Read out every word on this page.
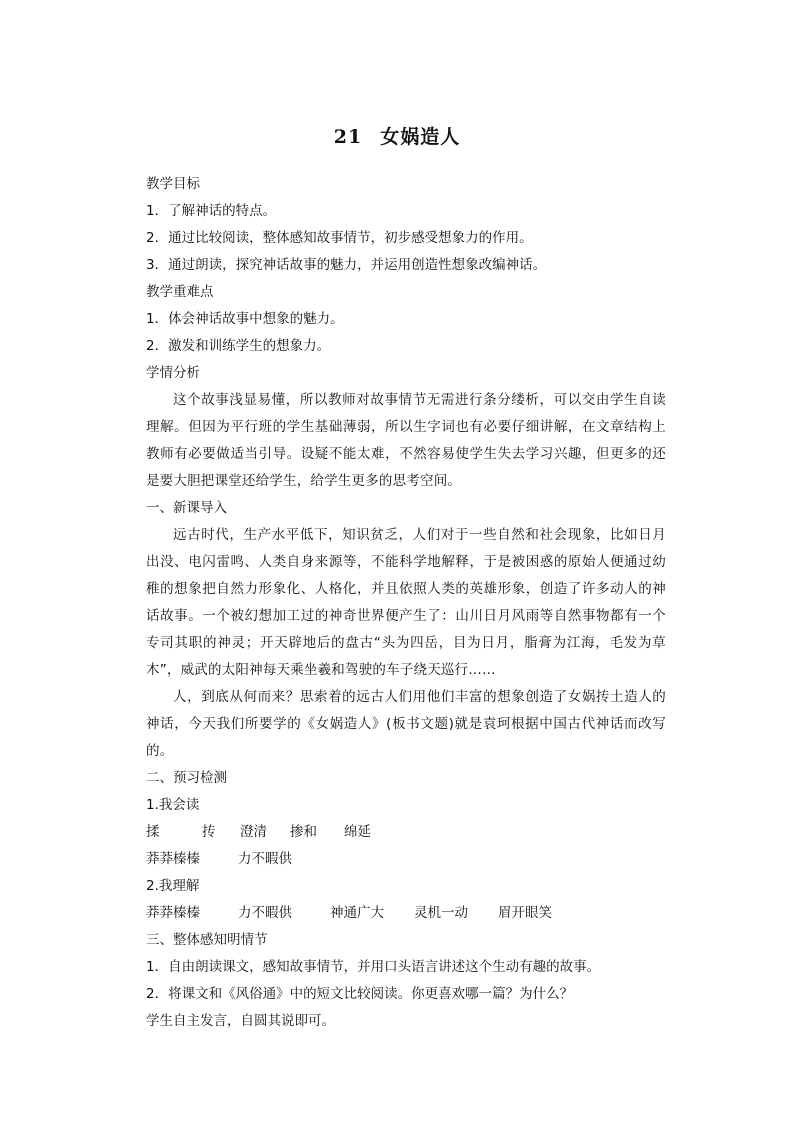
21 女娲造人
教学目标
1．了解神话的特点。
2．通过比较阅读，整体感知故事情节，初步感受想象力的作用。
3．通过朗读，探究神话故事的魅力，并运用创造性想象改编神话。
教学重难点
1．体会神话故事中想象的魅力。
2．激发和训练学生的想象力。
学情分析
这个故事浅显易懂，所以教师对故事情节无需进行条分缕析，可以交由学生自读理解。但因为平行班的学生基础薄弱，所以生字词也有必要仔细讲解，在文章结构上教师有必要做适当引导。设疑不能太难，不然容易使学生失去学习兴趣，但更多的还是要大胆把课堂还给学生，给学生更多的思考空间。
一、新课导入
远古时代，生产水平低下，知识贫乏，人们对于一些自然和社会现象，比如日月出没、电闪雷鸣、人类自身来源等，不能科学地解释，于是被困惑的原始人便通过幼稚的想象把自然力形象化、人格化，并且依照人类的英雄形象，创造了许多动人的神话故事。一个被幻想加工过的神奇世界便产生了：山川日月风雨等自然事物都有一个专司其职的神灵；开天辟地后的盘古“头为四岳，目为日月，脂膏为江海，毛发为草木”，威武的太阳神每天乘坐羲和驾驶的车子绕天巡行……
人，到底从何而来？思索着的远古人们用他们丰富的想象创造了女娲抟土造人的神话，今天我们所要学的《女娲造人》(板书文题)就是袁珂根据中国古代神话而改写的。
二、预习检测
1.我会读
揉	抟	澄清	掺和	绵延
莽莽榛榛	力不暇供
2.我理解
莽莽榛榛	力不暇供	神通广大	灵机一动	眉开眼笑
三、整体感知明情节
1．自由朗读课文，感知故事情节，并用口头语言讲述这个生动有趣的故事。
2．将课文和《风俗通》中的短文比较阅读。你更喜欢哪一篇？为什么？
学生自主发言，自圆其说即可。
